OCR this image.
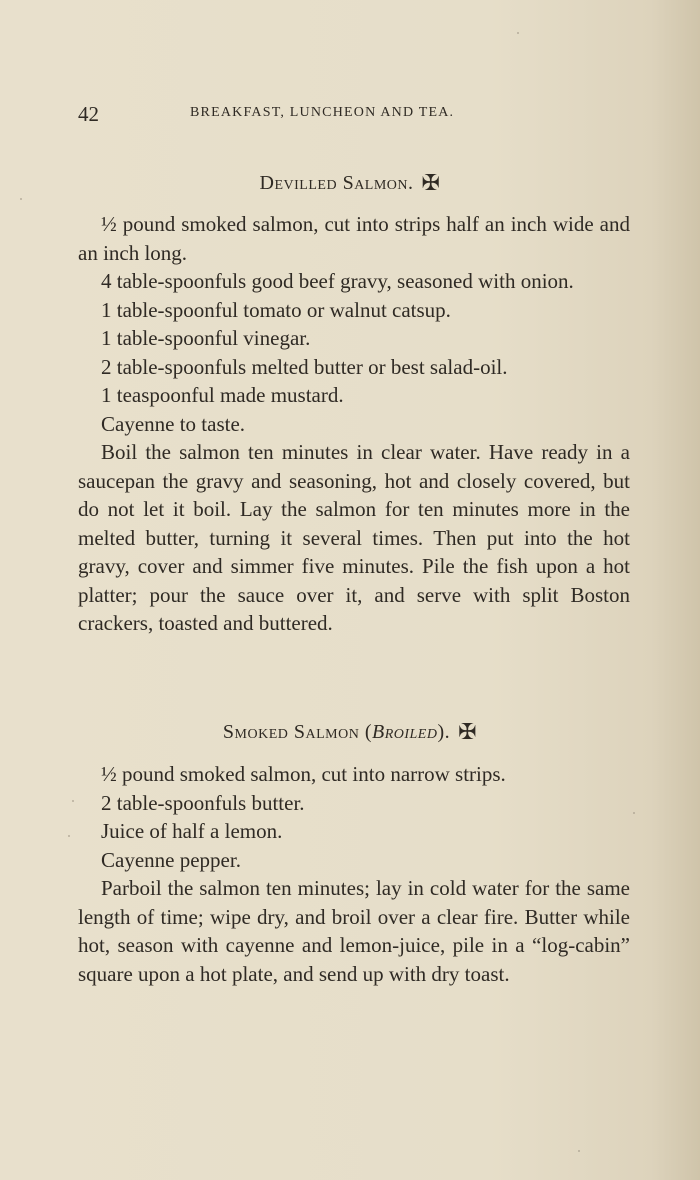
42	BREAKFAST, LUNCHEON AND TEA.
Devilled Salmon. ✠

½ pound smoked salmon, cut into strips half an inch wide and an inch long.

4 table-spoonfuls good beef gravy, seasoned with onion.

1 table-spoonful tomato or walnut catsup.

1 table-spoonful vinegar.

2 table-spoonfuls melted butter or best salad-oil.

1 teaspoonful made mustard.

Cayenne to taste.

Boil the salmon ten minutes in clear water. Have ready in a saucepan the gravy and seasoning, hot and closely covered, but do not let it boil. Lay the salmon for ten minutes more in the melted butter, turning it several times. Then put into the hot gravy, cover and simmer five minutes. Pile the fish upon a hot platter; pour the sauce over it, and serve with split Boston crackers, toasted and buttered.

Smoked Salmon (Broiled). ✠

½ pound smoked salmon, cut into narrow strips.

2 table-spoonfuls butter.

Juice of half a lemon.

Cayenne pepper.

Parboil the salmon ten minutes; lay in cold water for the same length of time; wipe dry, and broil over a clear fire. Butter while hot, season with cayenne and lemon-juice, pile in a “log-cabin” square upon a hot plate, and send up with dry toast.
